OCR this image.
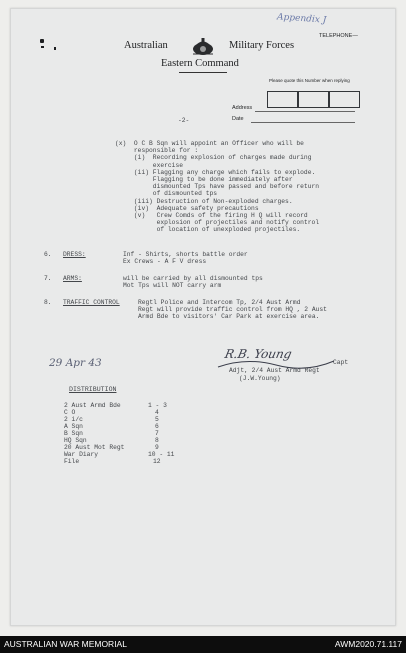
Appendix J
Australian	Military Forces
Eastern Command
TELEPHONE—
Please quote this Number when replying
Address
Date

-2-

(x)  O C B Sqn will appoint an Officer who will be

responsible for :

(i)  Recording explosion of charges made during

exercise

(ii) Flagging any charge which fails to explode.

Flagging to be done immediately after

dismounted Tps have passed and before return

of dismounted tps

(iii) Destruction of Non-exploded charges.

(iv)  Adequate safety precautions

(v)   Crew Comds of the firing H Q will record

explosion of projectiles and notify control

of location of unexploded projectiles.

6. DRESS:	Inf - Shirts, shorts battle order

Ex Crews - A F V dress

7. ARMS:	will be carried by all dismounted tps

Mot Tps will NOT carry arm

8. TRAFFIC CONTROL	Regtl Police and Intercom Tp, 2/4 Aust Armd

Regt will provide traffic control from HQ , 2 Aust

Armd Bde to visitors' Car Park at exercise area.

29 Apr 43
R.B. Young

Capt

Adjt, 2/4 Aust Armd Regt

(J.W.Young)

DISTRIBUTION

2 Aust Armd Bde	1 - 3

C O	4

2 i/c	5

A Sqn	6

B Sqn	7

HQ Sqn	8

20 Aust Mot Regt	9

War Diary	10 - 11

File	12

AUSTRALIAN WAR MEMORIAL	AWM2020.71.117
